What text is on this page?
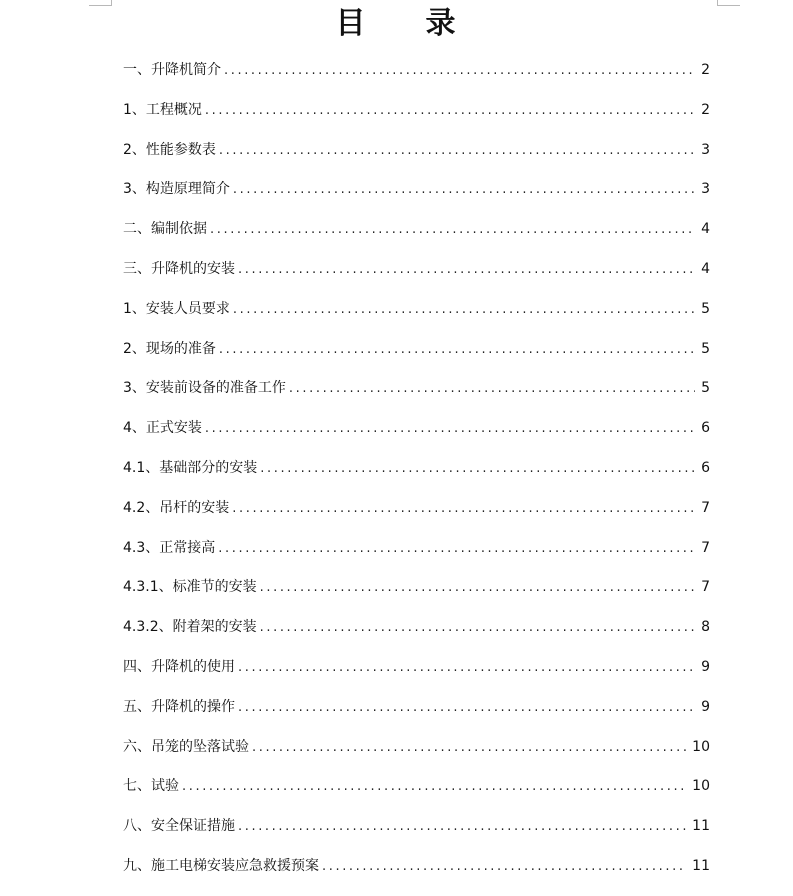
目 录
一、升降机简介 .....	2
1、工程概况 .....	2
2、性能参数表 .....	3
3、构造原理简介 .....	3
二、编制依据 .....	4
三、升降机的安装 .....	4
1、安装人员要求 .....	5
2、现场的准备 .....	5
3、安装前设备的准备工作 .....	5
4、正式安装 .....	6
4.1、基础部分的安装 .....	6
4.2、吊杆的安装 .....	7
4.3、正常接高 .....	7
4.3.1、标准节的安装 .....	7
4.3.2、附着架的安装 .....	8
四、升降机的使用 .....	9
五、升降机的操作 .....	9
六、吊笼的坠落试验 .....	10
七、试验 .....	10
八、安全保证措施 .....	11
九、施工电梯安装应急救援预案 .....	11
